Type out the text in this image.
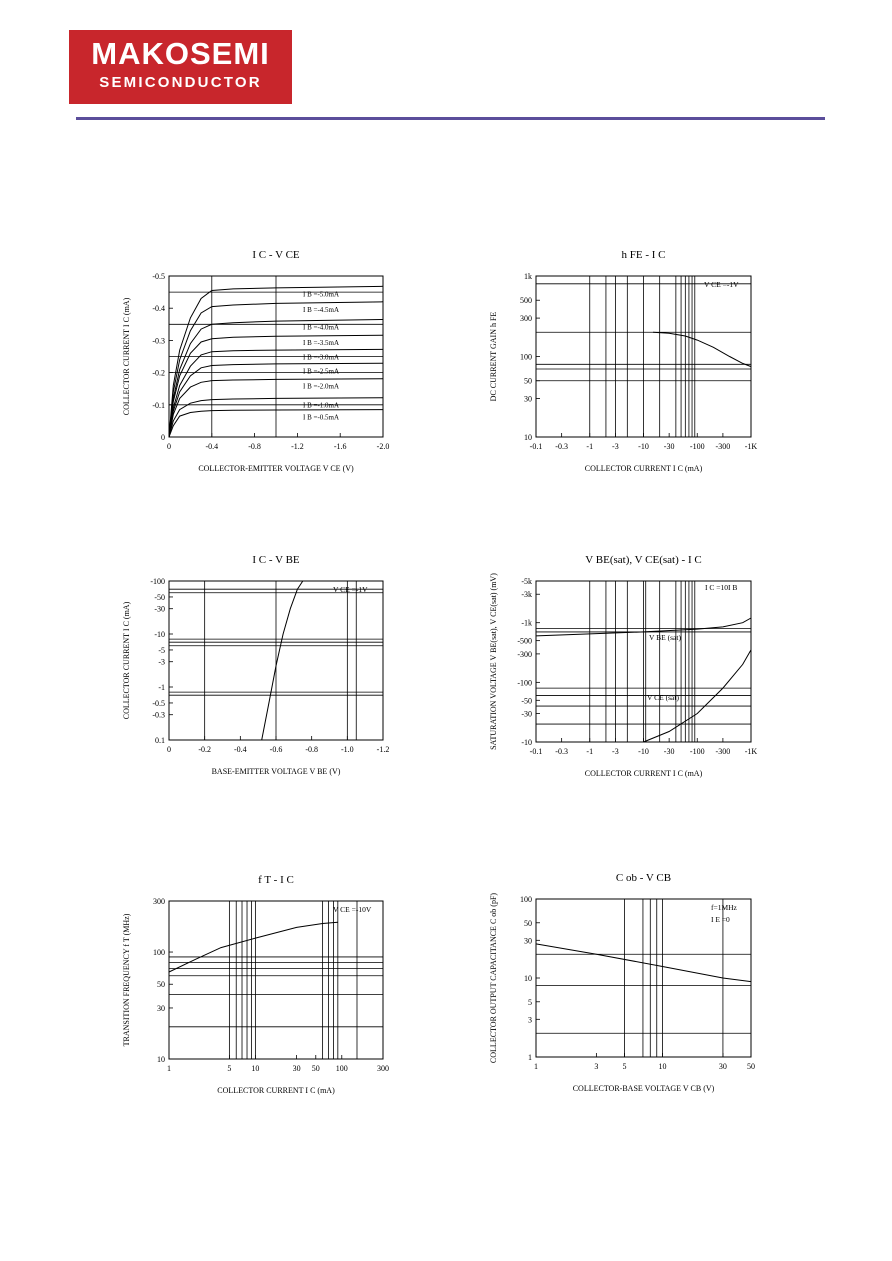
MAKOSEMI
SEMICONDUCTOR
0	-0.4	-0.8	-1.2	-1.6	-2.0
0
-0.1
-0.2
-0.3
-0.4
-0.5
I C - V CE
COLLECTOR-EMITTER VOLTAGE V CE (V)
COLLECTOR CURRENT I C (mA)
I B =-5.0mA
I B =-4.5mA
I B =-4.0mA
I B =-3.5mA
I B =-3.0mA
I B =-2.5mA
I B =-2.0mA
I B =-1.0mA
I B =-0.5mA
-0.1 -0.3 -1 -3 -10 -30 -100 -300 -1K
10
30
50
100
300
500
1k
h FE - I C
COLLECTOR CURRENT I C (mA)
DC CURRENT GAIN h FE
V CE =-1V
0	-0.2	-0.4	-0.6	-0.8	-1.0	-1.2
0.1
-0.3
-0.5
-1
-3
-5
-10
-30
-50
-100
I C - V BE
BASE-EMITTER VOLTAGE V BE (V)
COLLECTOR CURRENT I C (mA)
V CE =-1V
-0.1 -0.3 -1 -3 -10 -30 -100 -300 -1K
-10
-30
-50
-100
-300
-500
-1k
-3k
-5k
V BE(sat), V CE(sat) - I C
COLLECTOR CURRENT I C (mA)
SATURATION VOLTAGE V BE(sat), V CE(sat) (mV)	I C =10I B
V BE (sat)
V CE (sat)
1	5	10	30 50 100	300
10
30
50
100
300
f T - I C
COLLECTOR CURRENT I C (mA)
TRANSITION FREQUENCY f T (MHz)
V CE =-10V
1	3	5	10	30	50
1
3
5
10
30
50
100
C ob - V CB
COLLECTOR-BASE VOLTAGE V CB (V)
COLLECTOR OUTPUT CAPACITANCE C ob (pF)	f=1MHz
I E =0
